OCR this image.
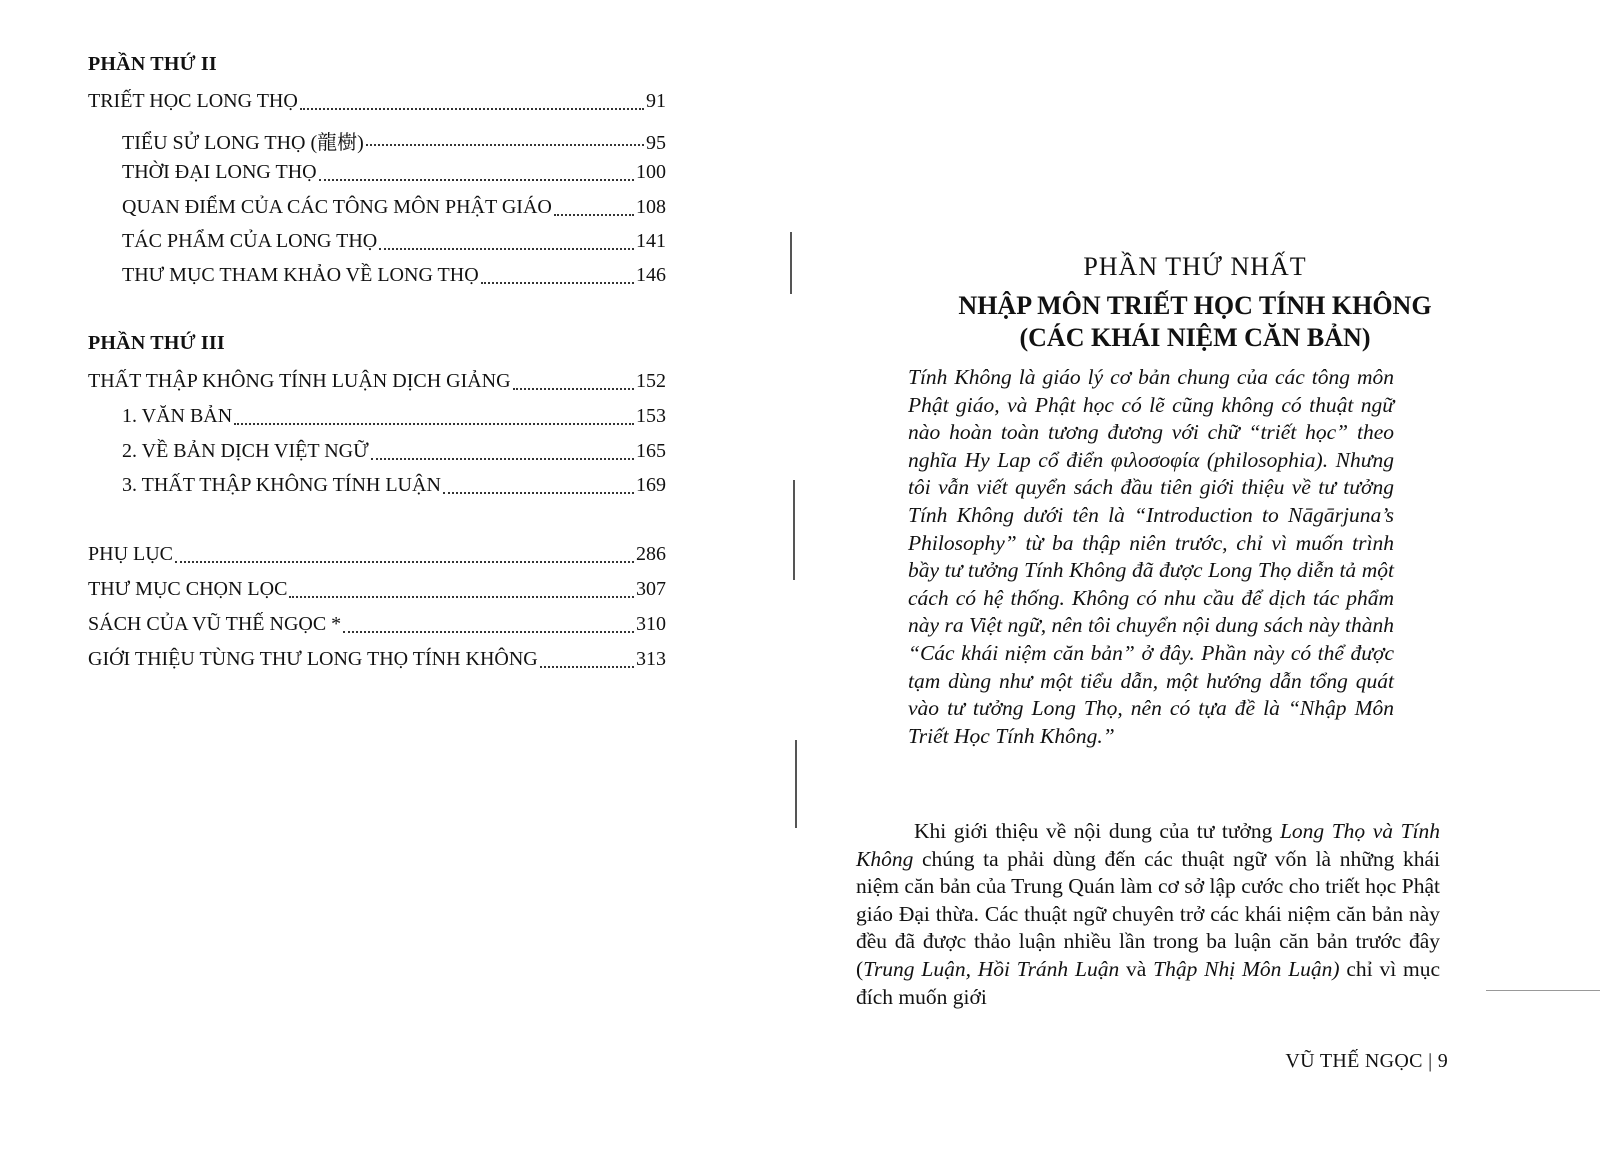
PHẦN THỨ II
TRIẾT HỌC LONG THỌ	91
TIỂU SỬ LONG THỌ (龍樹)	95
THỜI ĐẠI LONG THỌ	100
QUAN ĐIỂM CỦA CÁC TÔNG MÔN PHẬT GIÁO	108
TÁC PHẨM CỦA LONG THỌ	141
THƯ MỤC THAM KHẢO VỀ LONG THỌ	146
PHẦN THỨ III
THẤT THẬP KHÔNG TÍNH LUẬN DỊCH GIẢNG	152
1. VĂN BẢN	153
2. VỀ BẢN DỊCH VIỆT NGỮ	165
3. THẤT THẬP KHÔNG TÍNH LUẬN	169
PHỤ LỤC	286
THƯ MỤC CHỌN LỌC	307
SÁCH CỦA VŨ THẾ NGỌC *	310
GIỚI THIỆU TÙNG THƯ LONG THỌ TÍNH KHÔNG	313
PHẦN THỨ NHẤT
NHẬP MÔN TRIẾT HỌC TÍNH KHÔNG
(CÁC KHÁI NIỆM CĂN BẢN)
Tính Không là giáo lý cơ bản chung của các tông môn Phật giáo, và Phật học có lẽ cũng không có thuật ngữ nào hoàn toàn tương đương với chữ “triết học” theo nghĩa Hy Lap cổ điển φιλοσοφία (philosophia). Nhưng tôi vẫn viết quyển sách đầu tiên giới thiệu về tư tưởng Tính Không dưới tên là “Introduction to Nāgārjuna’s Philosophy” từ ba thập niên trước, chỉ vì muốn trình bầy tư tưởng Tính Không đã được Long Thọ diễn tả một cách có hệ thống. Không có nhu cầu để dịch tác phẩm này ra Việt ngữ, nên tôi chuyển nội dung sách này thành “Các khái niệm căn bản” ở đây. Phần này có thể được tạm dùng như một tiểu dẫn, một hướng dẫn tổng quát vào tư tưởng Long Thọ, nên có tựa đề là “Nhập Môn Triết Học Tính Không.”
Khi giới thiệu về nội dung của tư tưởng Long Thọ và Tính Không chúng ta phải dùng đến các thuật ngữ vốn là những khái niệm căn bản của Trung Quán làm cơ sở lập cước cho triết học Phật giáo Đại thừa. Các thuật ngữ chuyên trở các khái niệm căn bản này đều đã được thảo luận nhiều lần trong ba luận căn bản trước đây (Trung Luận, Hồi Tránh Luận và Thập Nhị Môn Luận) chỉ vì mục đích muốn giới
VŨ THẾ NGỌC | 9
